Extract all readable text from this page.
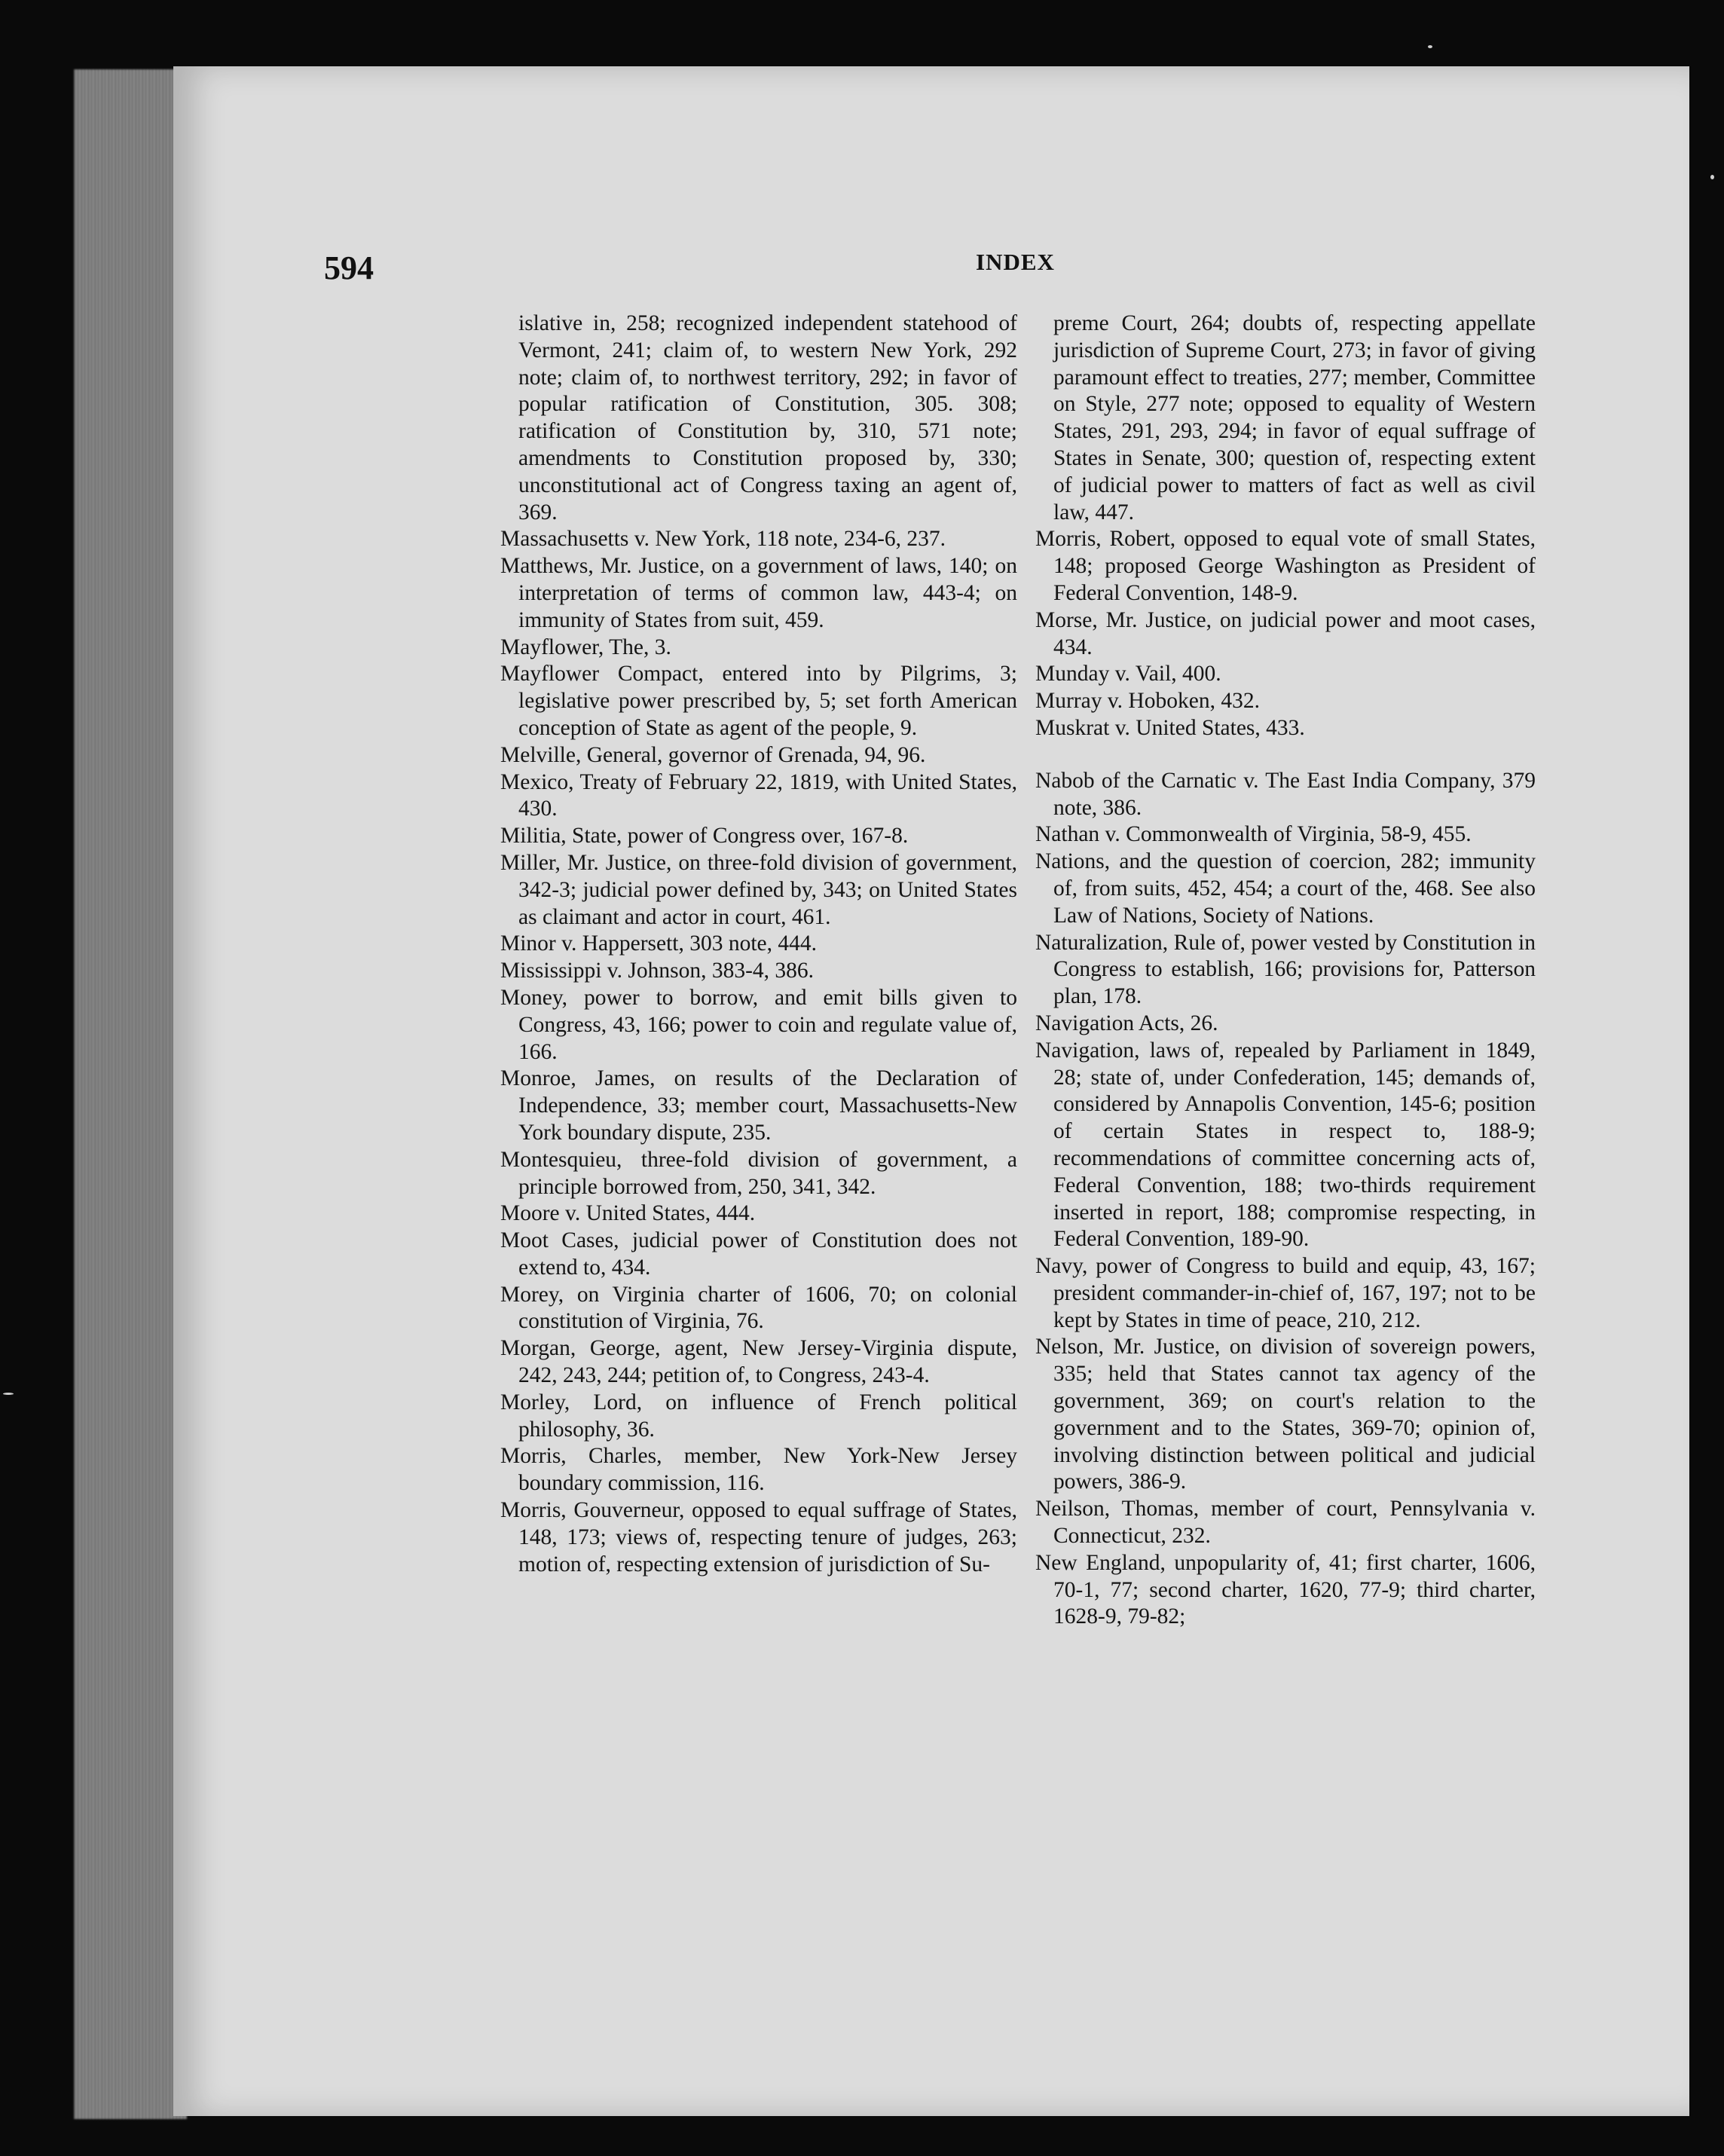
594	INDEX

islative in, 258; recognized independent statehood of Vermont, 241; claim of, to western New York, 292 note; claim of, to northwest territory, 292; in favor of popular ratification of Constitution, 305. 308; ratification of Constitution by, 310, 571 note; amendments to Constitution proposed by, 330; unconstitutional act of Congress taxing an agent of, 369.

Massachusetts v. New York, 118 note, 234-6, 237.

Matthews, Mr. Justice, on a government of laws, 140; on interpretation of terms of common law, 443-4; on immunity of States from suit, 459.

Mayflower, The, 3.

Mayflower Compact, entered into by Pilgrims, 3; legislative power prescribed by, 5; set forth American conception of State as agent of the people, 9.

Melville, General, governor of Grenada, 94, 96.

Mexico, Treaty of February 22, 1819, with United States, 430.

Militia, State, power of Congress over, 167-8.

Miller, Mr. Justice, on three-fold division of government, 342-3; judicial power defined by, 343; on United States as claimant and actor in court, 461.

Minor v. Happersett, 303 note, 444.

Mississippi v. Johnson, 383-4, 386.

Money, power to borrow, and emit bills given to Congress, 43, 166; power to coin and regulate value of, 166.

Monroe, James, on results of the Declaration of Independence, 33; member court, Massachusetts-New York boundary dispute, 235.

Montesquieu, three-fold division of government, a principle borrowed from, 250, 341, 342.

Moore v. United States, 444.

Moot Cases, judicial power of Constitution does not extend to, 434.

Morey, on Virginia charter of 1606, 70; on colonial constitution of Virginia, 76.

Morgan, George, agent, New Jersey-Virginia dispute, 242, 243, 244; petition of, to Congress, 243-4.

Morley, Lord, on influence of French political philosophy, 36.

Morris, Charles, member, New York-New Jersey boundary commission, 116.

Morris, Gouverneur, opposed to equal suffrage of States, 148, 173; views of, respecting tenure of judges, 263; motion of, respecting extension of jurisdiction of Su-

preme Court, 264; doubts of, respecting appellate jurisdiction of Supreme Court, 273; in favor of giving paramount effect to treaties, 277; member, Committee on Style, 277 note; opposed to equality of Western States, 291, 293, 294; in favor of equal suffrage of States in Senate, 300; question of, respecting extent of judicial power to matters of fact as well as civil law, 447.

Morris, Robert, opposed to equal vote of small States, 148; proposed George Washington as President of Federal Convention, 148-9.

Morse, Mr. Justice, on judicial power and moot cases, 434.

Munday v. Vail, 400.

Murray v. Hoboken, 432.

Muskrat v. United States, 433.

Nabob of the Carnatic v. The East India Company, 379 note, 386.

Nathan v. Commonwealth of Virginia, 58-9, 455.

Nations, and the question of coercion, 282; immunity of, from suits, 452, 454; a court of the, 468. See also Law of Nations, Society of Nations.

Naturalization, Rule of, power vested by Constitution in Congress to establish, 166; provisions for, Patterson plan, 178.

Navigation Acts, 26.

Navigation, laws of, repealed by Parliament in 1849, 28; state of, under Confederation, 145; demands of, considered by Annapolis Convention, 145-6; position of certain States in respect to, 188-9; recommendations of committee concerning acts of, Federal Convention, 188; two-thirds requirement inserted in report, 188; compromise respecting, in Federal Convention, 189-90.

Navy, power of Congress to build and equip, 43, 167; president commander-in-chief of, 167, 197; not to be kept by States in time of peace, 210, 212.

Nelson, Mr. Justice, on division of sovereign powers, 335; held that States cannot tax agency of the government, 369; on court's relation to the government and to the States, 369-70; opinion of, involving distinction between political and judicial powers, 386-9.

Neilson, Thomas, member of court, Pennsylvania v. Connecticut, 232.

New England, unpopularity of, 41; first charter, 1606, 70-1, 77; second charter, 1620, 77-9; third charter, 1628-9, 79-82;
